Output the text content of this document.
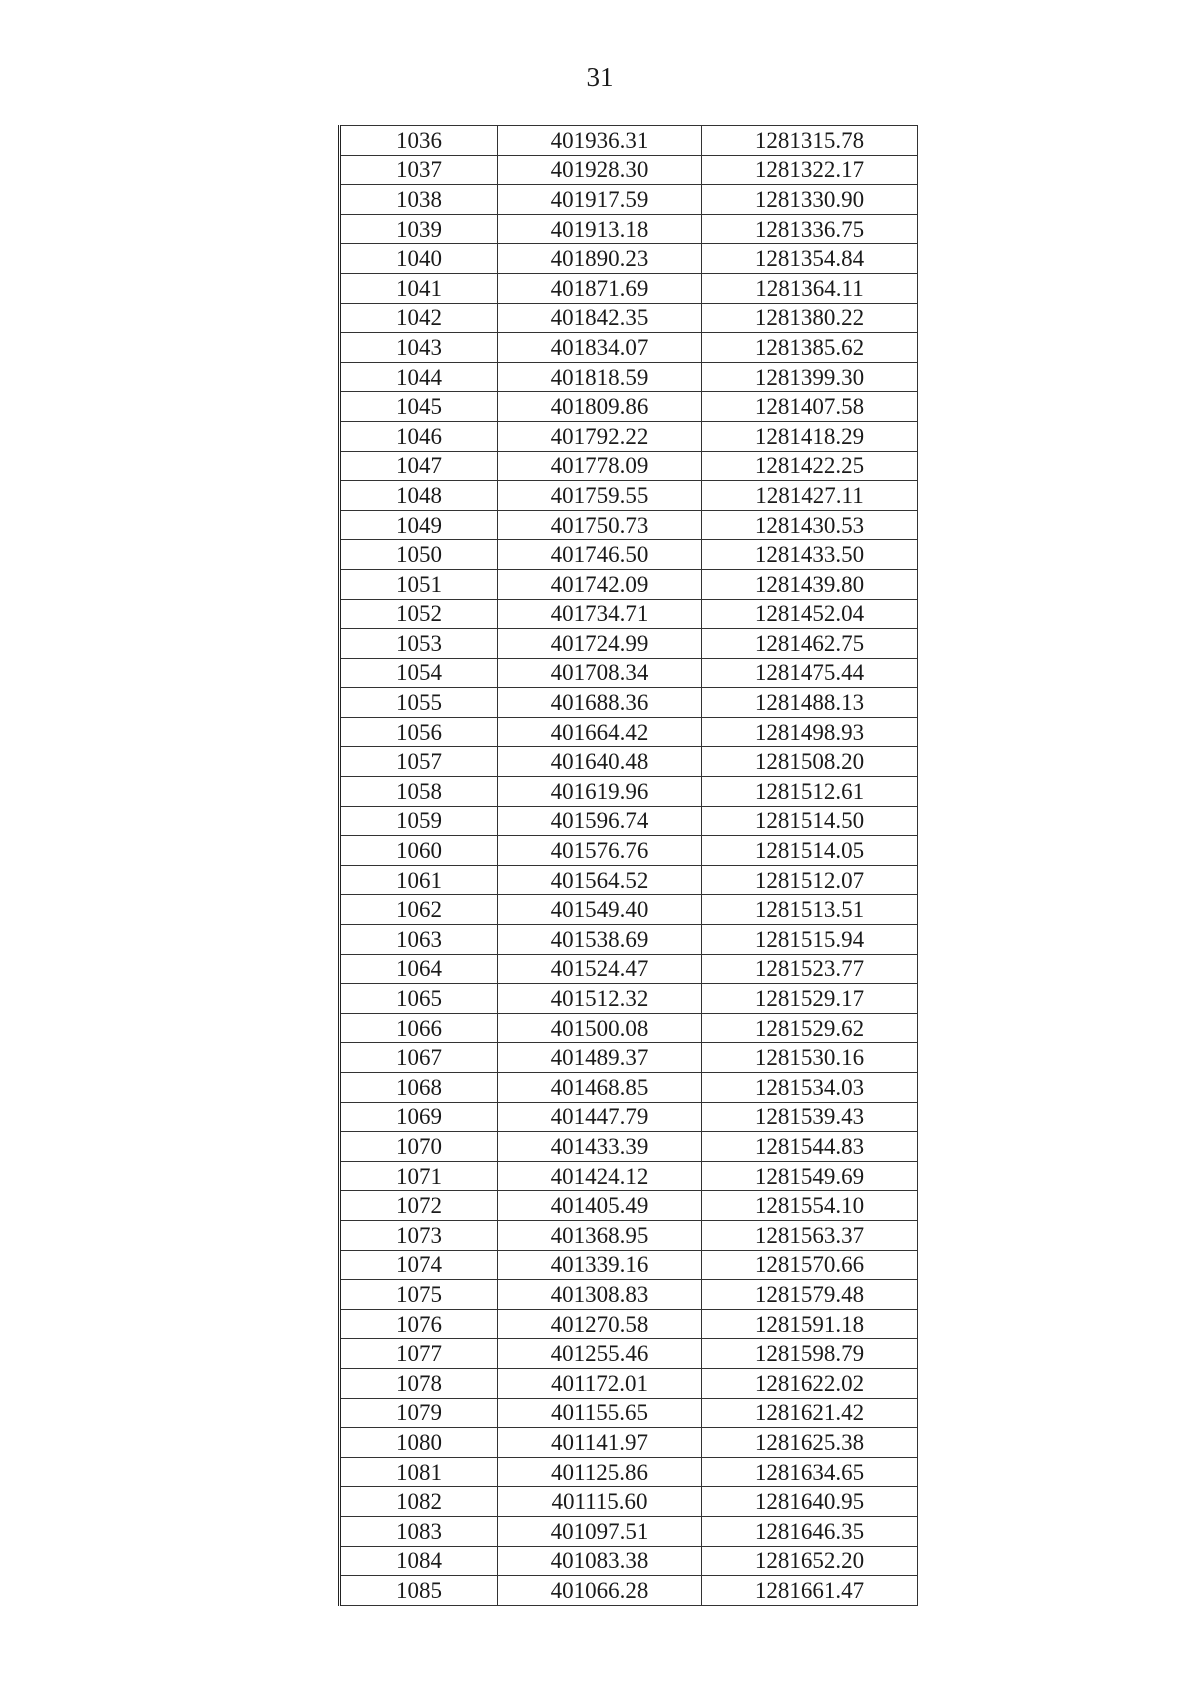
31
1036	401936.31	1281315.78
1037	401928.30	1281322.17
1038	401917.59	1281330.90
1039	401913.18	1281336.75
1040	401890.23	1281354.84
1041	401871.69	1281364.11
1042	401842.35	1281380.22
1043	401834.07	1281385.62
1044	401818.59	1281399.30
1045	401809.86	1281407.58
1046	401792.22	1281418.29
1047	401778.09	1281422.25
1048	401759.55	1281427.11
1049	401750.73	1281430.53
1050	401746.50	1281433.50
1051	401742.09	1281439.80
1052	401734.71	1281452.04
1053	401724.99	1281462.75
1054	401708.34	1281475.44
1055	401688.36	1281488.13
1056	401664.42	1281498.93
1057	401640.48	1281508.20
1058	401619.96	1281512.61
1059	401596.74	1281514.50
1060	401576.76	1281514.05
1061	401564.52	1281512.07
1062	401549.40	1281513.51
1063	401538.69	1281515.94
1064	401524.47	1281523.77
1065	401512.32	1281529.17
1066	401500.08	1281529.62
1067	401489.37	1281530.16
1068	401468.85	1281534.03
1069	401447.79	1281539.43
1070	401433.39	1281544.83
1071	401424.12	1281549.69
1072	401405.49	1281554.10
1073	401368.95	1281563.37
1074	401339.16	1281570.66
1075	401308.83	1281579.48
1076	401270.58	1281591.18
1077	401255.46	1281598.79
1078	401172.01	1281622.02
1079	401155.65	1281621.42
1080	401141.97	1281625.38
1081	401125.86	1281634.65
1082	401115.60	1281640.95
1083	401097.51	1281646.35
1084	401083.38	1281652.20
1085	401066.28	1281661.47
